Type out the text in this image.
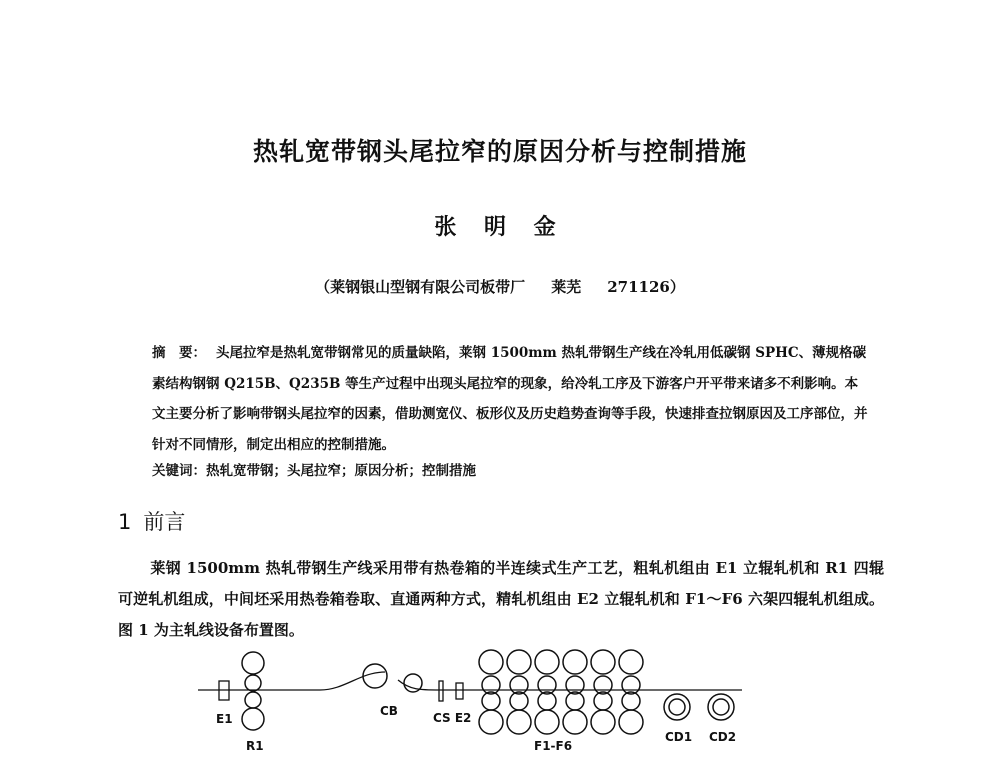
热轧宽带钢头尾拉窄的原因分析与控制措施
张 明 金
（莱钢银山型钢有限公司板带厂 莱芜 271126）
摘　要： 头尾拉窄是热轧宽带钢常见的质量缺陷，莱钢 1500mm 热轧带钢生产线在冷轧用低碳钢 SPHC、薄规格碳素结构钢钢 Q215B、Q235B 等生产过程中出现头尾拉窄的现象，给冷轧工序及下游客户开平带来诸多不利影响。本文主要分析了影响带钢头尾拉窄的因素，借助测宽仪、板形仪及历史趋势查询等手段，快速排查拉钢原因及工序部位，并针对不同情形，制定出相应的控制措施。
关键词：热轧宽带钢；头尾拉窄；原因分析；控制措施
1 前言
莱钢 1500mm 热轧带钢生产线采用带有热卷箱的半连续式生产工艺，粗轧机组由 E1 立辊轧机和 R1 四辊可逆轧机组成，中间坯采用热卷箱卷取、直通两种方式，精轧机组由 E2 立辊轧机和 F1～F6 六架四辊轧机组成。图 1 为主轧线设备布置图。
E1
R1
CB	CS E2
F1-F6
CD1 CD2
